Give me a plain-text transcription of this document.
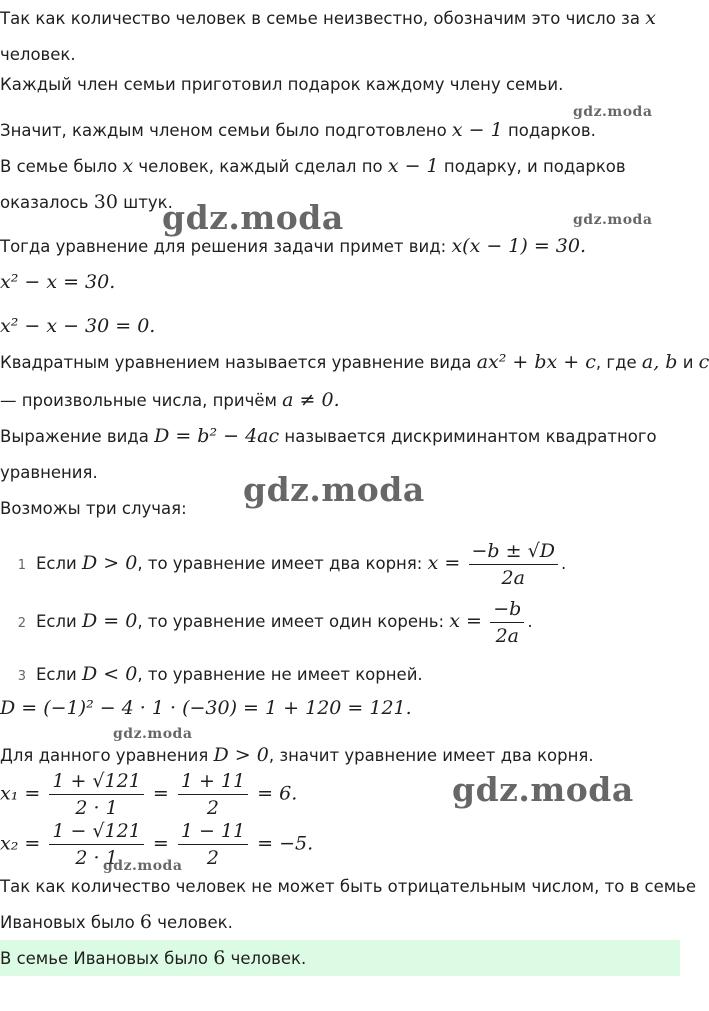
Так как количество человек в семье неизвестно, обозначим это число за x
человек.
Каждый член семьи приготовил подарок каждому члену семьи.
Значит, каждым членом семьи было подготовлено x − 1 подарков.
В семье было x человек, каждый сделал по x − 1 подарку, и подарков
оказалось 30 штук.
Тогда уравнение для решения задачи примет вид: x(x − 1) = 30.
x² − x = 30.
x² − x − 30 = 0.
Квадратным уравнением называется уравнение вида ax² + bx + c, где a, b и c
— произвольные числа, причём a ≠ 0.
Выражение вида D = b² − 4ac называется дискриминантом квадратного
уравнения.
Возможы три случая:
1 Если D > 0, то уравнение имеет два корня: $x = \frac{-b \pm √D}{2a}$ .
2 Если D = 0, то уравнение имеет один корень: $x = \frac{-b}{2a}$ .
3 Если D < 0, то уравнение не имеет корней.
D = (−1)² − 4 · 1 · (−30) = 1 + 120 = 121.
Для данного уравнения D > 0, значит уравнение имеет два корня.
$x_1 = \frac{1 + √121}{2 \cdot 1} = \frac{1 + 11}{2} = 6$.
$x_2 = \frac{1 - √121}{2 \cdot 1} = \frac{1 - 11}{2} = -5$.
Так как количество человек не может быть отрицательным числом, то в семье
Ивановых было 6 человек.
В семье Ивановых было 6 человек.
gdz.moda
gdz.moda	gdz.moda
gdz.moda
gdz.moda
gdz.moda
gdz.moda
